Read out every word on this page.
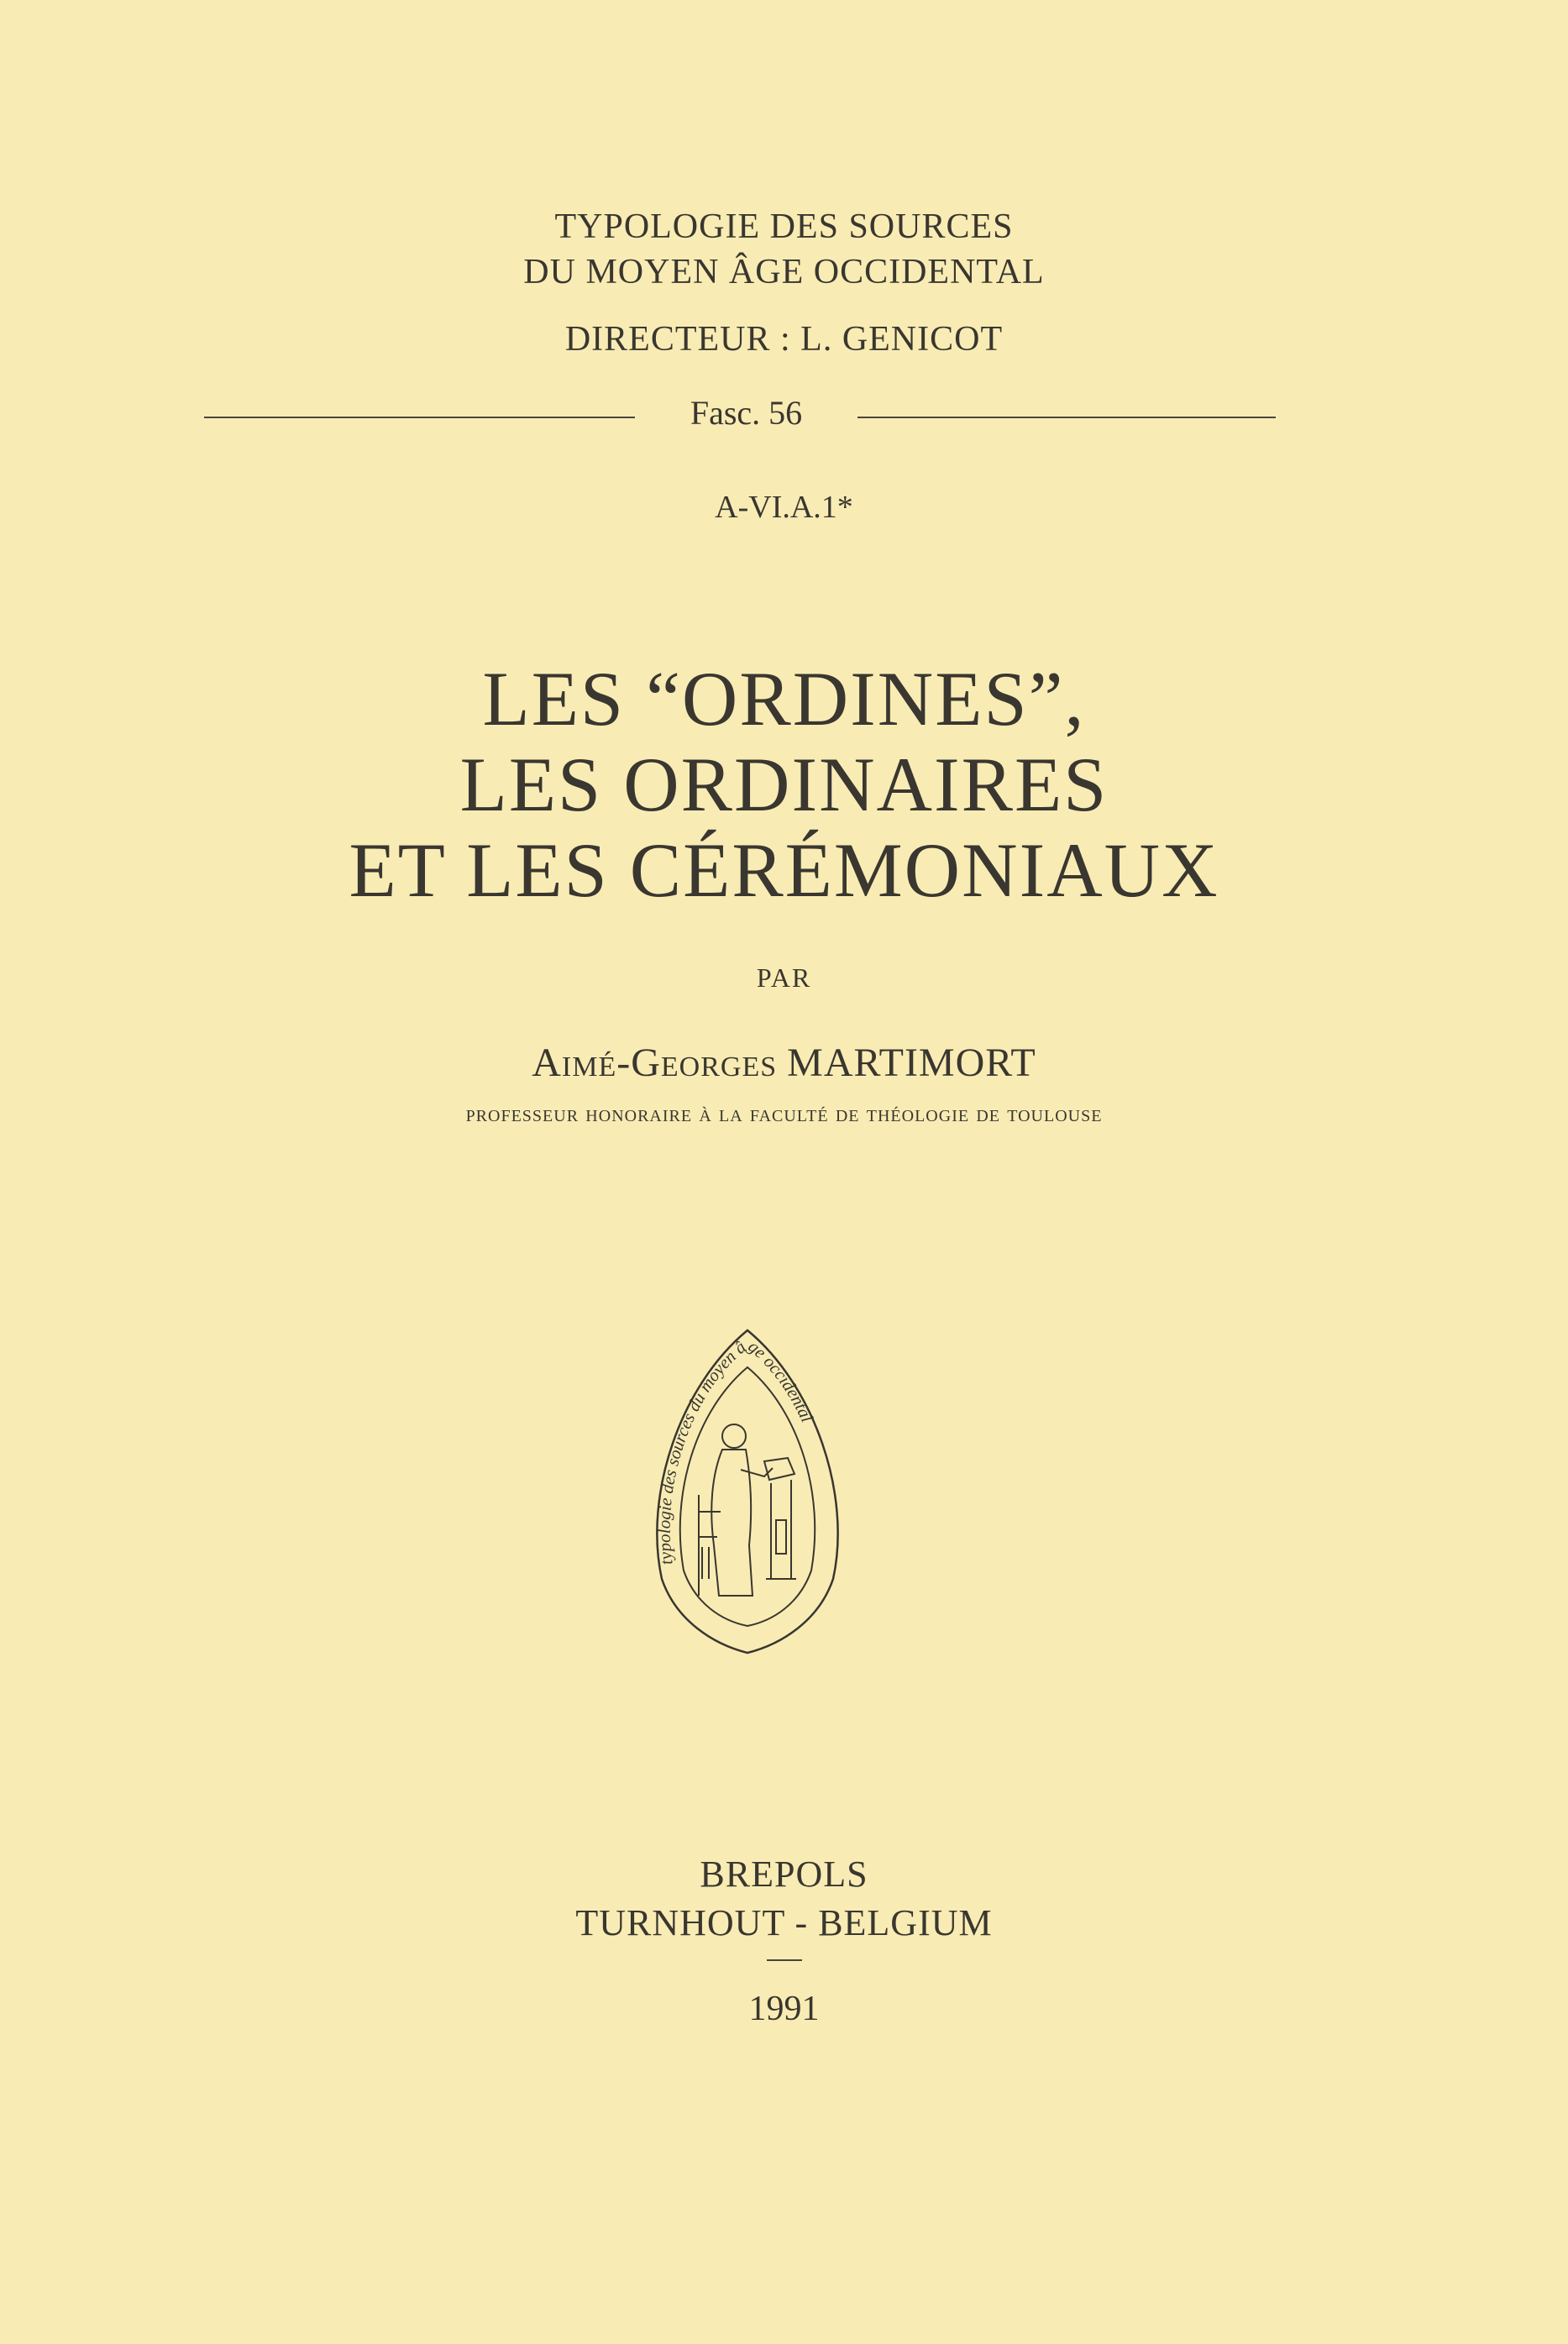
TYPOLOGIE DES SOURCES

DU MOYEN ÂGE OCCIDENTAL

DIRECTEUR : L. GENICOT

Fasc. 56

A-VI.A.1*

LES “ORDINES”,

LES ORDINAIRES

ET LES CÉRÉMONIAUX

PAR

Aimé-Georges MARTIMORT

professeur honoraire à la faculté de théologie de toulouse

typologie des sources du moyen âge occidental

BREPOLS

TURNHOUT - BELGIUM

1991
